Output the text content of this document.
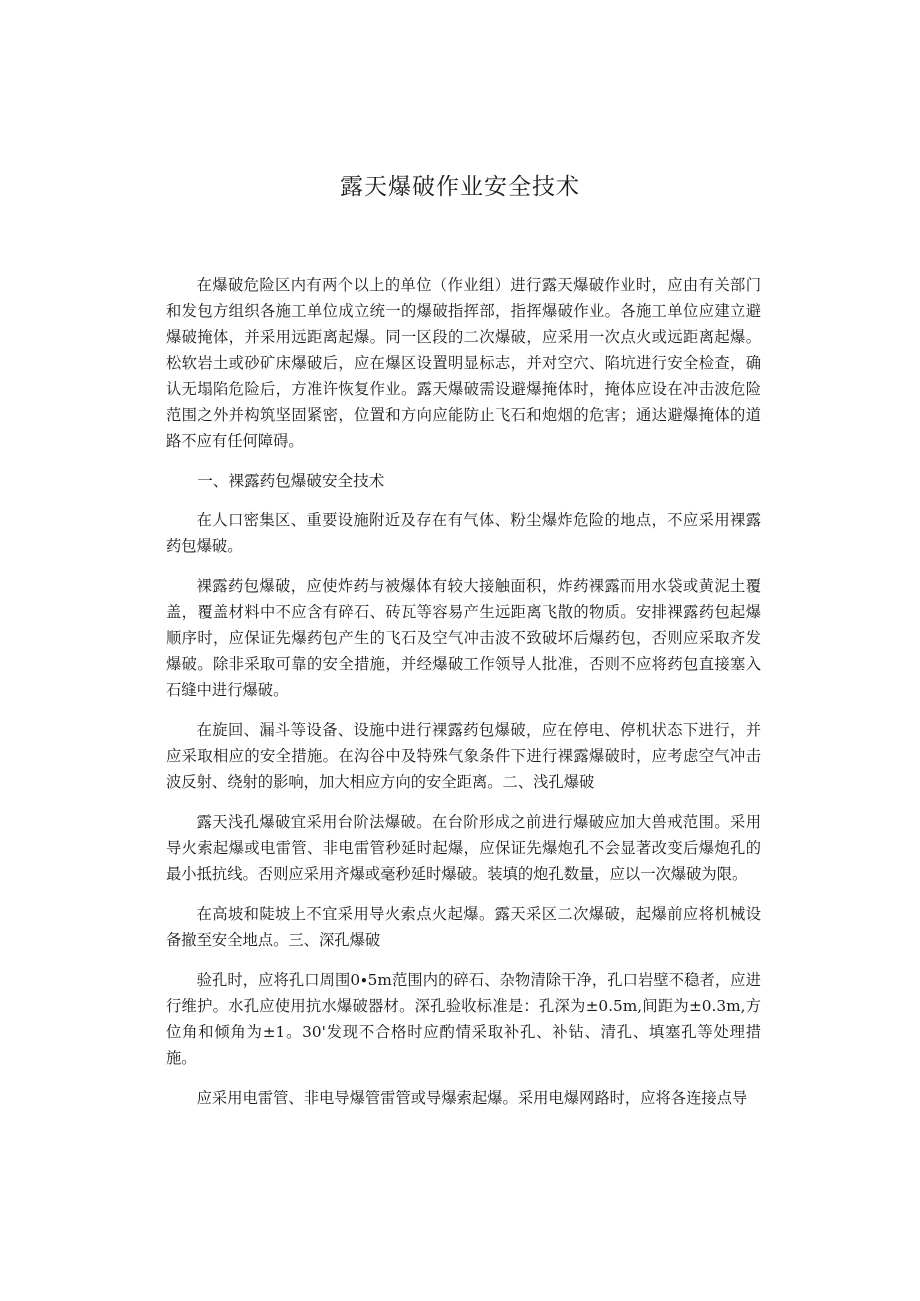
露天爆破作业安全技术

在爆破危险区内有两个以上的单位（作业组）进行露天爆破作业时，应由有关部门和发包方组织各施工单位成立统一的爆破指挥部，指挥爆破作业。各施工单位应建立避爆破掩体，并采用远距离起爆。同一区段的二次爆破，应采用一次点火或远距离起爆。松软岩土或砂矿床爆破后，应在爆区设置明显标志，并对空穴、陷坑进行安全检查，确认无塌陷危险后，方准许恢复作业。露天爆破需设避爆掩体时，掩体应设在冲击波危险范围之外并构筑坚固紧密，位置和方向应能防止飞石和炮烟的危害；通达避爆掩体的道路不应有任何障碍。

一、裸露药包爆破安全技术

在人口密集区、重要设施附近及存在有气体、粉尘爆炸危险的地点，不应采用裸露药包爆破。

裸露药包爆破，应使炸药与被爆体有较大接触面积，炸药裸露而用水袋或黄泥土覆盖，覆盖材料中不应含有碎石、砖瓦等容易产生远距离飞散的物质。安排裸露药包起爆顺序时，应保证先爆药包产生的飞石及空气冲击波不致破坏后爆药包，否则应采取齐发爆破。除非采取可靠的安全措施，并经爆破工作领导人批准，否则不应将药包直接塞入石缝中进行爆破。

在旋回、漏斗等设备、设施中进行裸露药包爆破，应在停电、停机状态下进行，并应采取相应的安全措施。在沟谷中及特殊气象条件下进行裸露爆破时，应考虑空气冲击波反射、绕射的影响，加大相应方向的安全距离。二、浅孔爆破

露天浅孔爆破宜采用台阶法爆破。在台阶形成之前进行爆破应加大兽戒范围。采用导火索起爆或电雷管、非电雷管秒延时起爆，应保证先爆炮孔不会显著改变后爆炮孔的最小抵抗线。否则应采用齐爆或毫秒延时爆破。装填的炮孔数量，应以一次爆破为限。

在高坡和陡坡上不宜采用导火索点火起爆。露天采区二次爆破，起爆前应将机械设备撤至安全地点。三、深孔爆破

验孔时，应将孔口周围0∙5m范围内的碎石、杂物清除干净，孔口岩壁不稳者，应进行维护。水孔应使用抗水爆破器材。深孔验收标准是：孔深为±0.5m,间距为±0.3m,方位角和倾角为±1。30'发现不合格时应酌情采取补孔、补钻、清孔、填塞孔等处理措施。

应采用电雷管、非电导爆管雷管或导爆索起爆。采用电爆网路时，应将各连接点导
